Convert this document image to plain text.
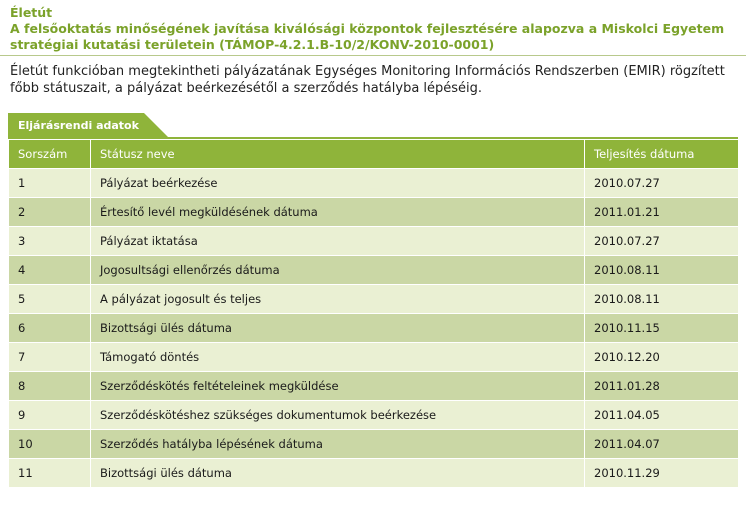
Életút
A felsőoktatás minőségének javítása kiválósági központok fejlesztésére alapozva a Miskolci Egyetem stratégiai kutatási területein (TÁMOP-4.2.1.B-10/2/KONV-2010-0001)
Életút funkcióban megtekintheti pályázatának Egységes Monitoring Információs Rendszerben (EMIR) rögzített főbb státuszait, a pályázat beérkezésétől a szerződés hatályba lépéséig.
Eljárásrendi adatok
Sorszám	Státusz neve	Teljesítés dátuma
1	Pályázat beérkezése	2010.07.27
2	Értesítő levél megküldésének dátuma	2011.01.21
3	Pályázat iktatása	2010.07.27
4	Jogosultsági ellenőrzés dátuma	2010.08.11
5	A pályázat jogosult és teljes	2010.08.11
6	Bizottsági ülés dátuma	2010.11.15
7	Támogató döntés	2010.12.20
8	Szerződéskötés feltételeinek megküldése	2011.01.28
9	Szerződéskötéshez szükséges dokumentumok beérkezése	2011.04.05
10	Szerződés hatályba lépésének dátuma	2011.04.07
11	Bizottsági ülés dátuma	2010.11.29
